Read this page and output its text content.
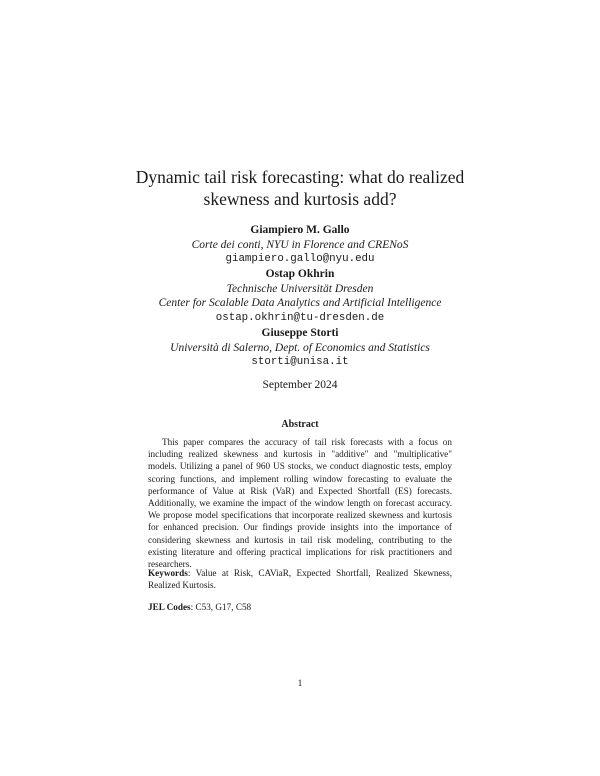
Dynamic tail risk forecasting: what do realized
skewness and kurtosis add?
Giampiero M. Gallo
Corte dei conti, NYU in Florence and CRENoS
giampiero.gallo@nyu.edu
Ostap Okhrin
Technische Universität Dresden
Center for Scalable Data Analytics and Artificial Intelligence
ostap.okhrin@tu-dresden.de
Giuseppe Storti
Università di Salerno, Dept. of Economics and Statistics
storti@unisa.it
September 2024
Abstract
This paper compares the accuracy of tail risk forecasts with a focus on including realized skewness and kurtosis in "additive" and "multiplicative" models. Utilizing a panel of 960 US stocks, we conduct diagnostic tests, employ scoring functions, and implement rolling window forecasting to evaluate the performance of Value at Risk (VaR) and Expected Shortfall (ES) forecasts. Additionally, we examine the impact of the window length on forecast accuracy. We propose model specifications that incorporate realized skewness and kurtosis for enhanced precision. Our findings provide insights into the importance of considering skewness and kurtosis in tail risk modeling, contributing to the existing literature and offering practical implications for risk practitioners and researchers.
Keywords: Value at Risk, CAViaR, Expected Shortfall, Realized Skewness, Realized Kurtosis.
JEL Codes: C53, G17, C58
1
